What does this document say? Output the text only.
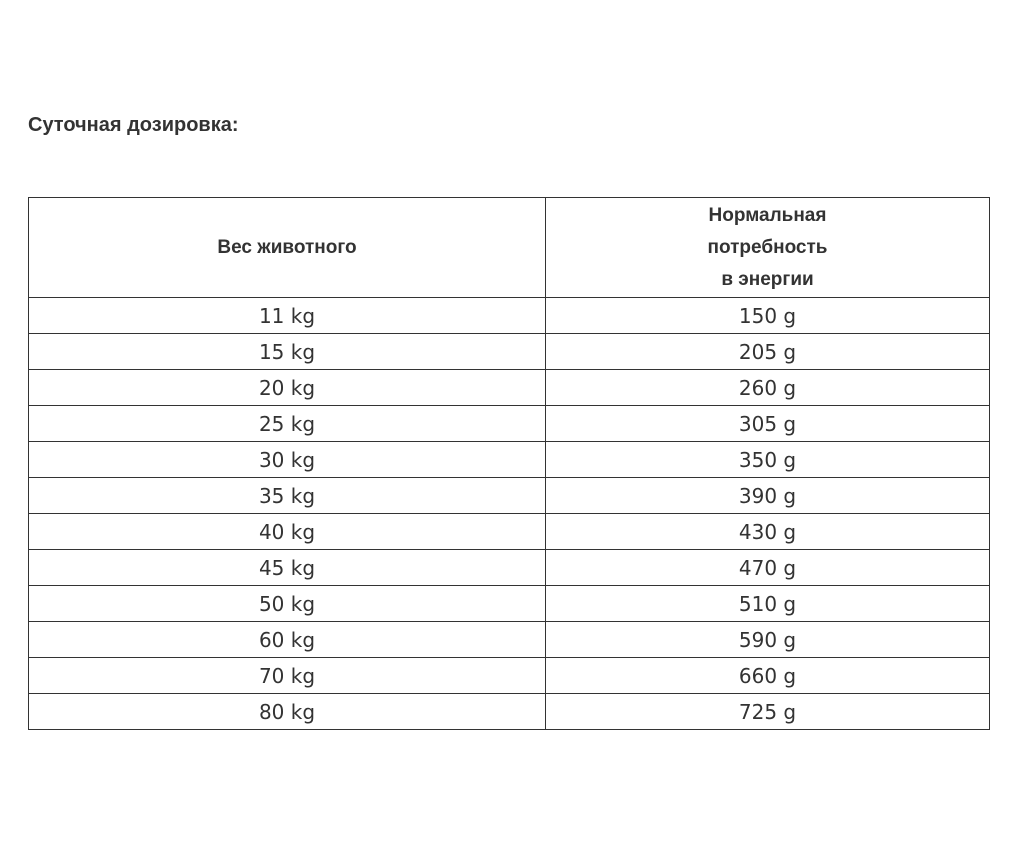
Суточная дозировка:
Вес животного	Нормальная
потребность
в энергии

11 kg	150 g
15 kg	205 g
20 kg	260 g
25 kg	305 g
30 kg	350 g
35 kg	390 g
40 kg	430 g
45 kg	470 g
50 kg	510 g
60 kg	590 g
70 kg	660 g
80 kg	725 g
